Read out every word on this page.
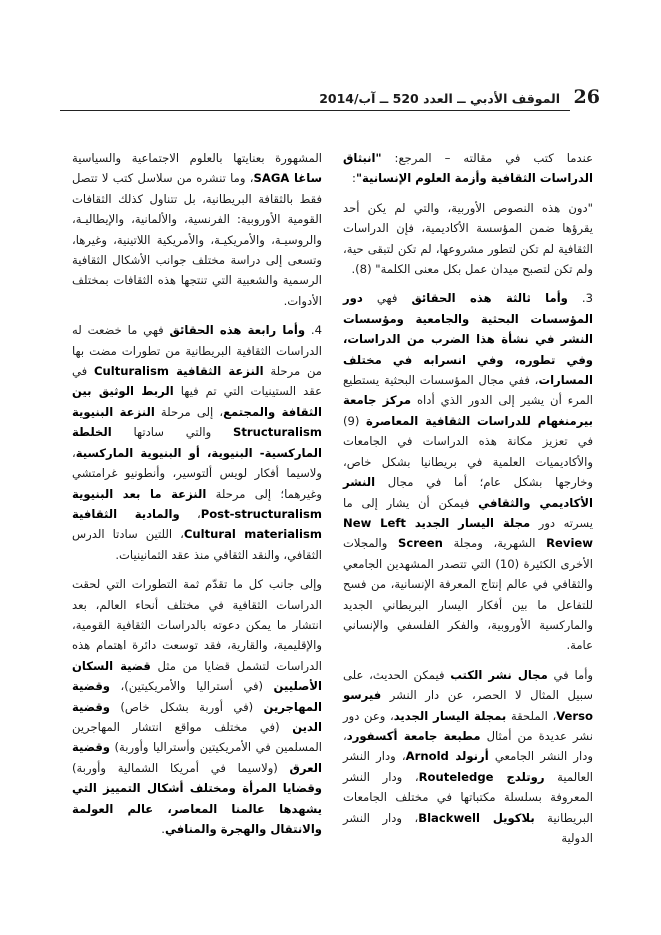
26
الموقف الأدبي ــ العدد 520 ــ آب/2014

عندما كتب في مقالته – المرجع: "انبثاق الدراسات الثقافية وأزمة العلوم الإنسانية":

"دون هذه النصوص الأوربية، والتي لم يكن أحد يقرؤها ضمن المؤسسة الأكاديمية، فإن الدراسات الثقافية لم تكن لتطور مشروعها، لم تكن لتبقى حية، ولم تكن لتصبح ميدان عمل بكل معنى الكلمة" (8).

3. وأما ثالثة هذه الحقائق فهي دور المؤسسات البحثية والجامعية ومؤسسات النشر في نشأة هذا الضرب من الدراسات، وفي تطوره، وفي انسرابه في مختلف المسارات، ففي مجال المؤسسات البحثية يستطيع المرء أن يشير إلى الدور الذي أداه مركز جامعة بيرمنغهام للدراسات الثقافية المعاصرة (9) في تعزيز مكانة هذه الدراسات في الجامعات والأكاديميات العلمية في بريطانيا بشكل خاص، وخارجها بشكل عام؛ أما في مجال النشر الأكاديمي والثقافي فيمكن أن يشار إلى ما يسرته دور مجلة اليسار الجديد New Left Review الشهرية، ومجلة Screen والمجلات الأخرى الكثيرة (10) التي تتصدر المشهدين الجامعي والثقافي في عالم إنتاج المعرفة الإنسانية، من فسح للتفاعل ما بين أفكار اليسار البريطاني الجديد والماركسية الأوروبية، والفكر الفلسفي والإنساني عامة.

وأما في مجال نشر الكتب فيمكن الحديث، على سبيل المثال لا الحصر، عن دار النشر فيرسو Verso، الملحقة بمجلة اليسار الجديد، وعن دور نشر عديدة من أمثال مطبعة جامعة أكسفورد، ودار النشر الجامعي أرنولد Arnold، ودار النشر العالمية روتلدج Routeledge، ودار النشر المعروفة بسلسلة مكتباتها في مختلف الجامعات البريطانية بلاكويل Blackwell، ودار النشر الدولية

المشهورة بعنايتها بالعلوم الاجتماعية والسياسية ساغا SAGA، وما تنشره من سلاسل كتب لا تتصل فقط بالثقافة البريطانية، بل تتناول كذلك الثقافات القومية الأوروبية: الفرنسية، والألمانية، والإيطاليـة، والروسيـة، والأمريكيـة، والأمريكية اللاتينية، وغيرها، وتسعى إلى دراسة مختلف جوانب الأشكال الثقافية الرسمية والشعبية التي تنتجها هذه الثقافات بمختلف الأدوات.

4. وأما رابعة هذه الحقائق فهي ما خضعت له الدراسات الثقافية البريطانية من تطورات مضت بها من مرحلة النزعة الثقافية Culturalism في عقد الستينيات التي تم فيها الربط الوثيق بين الثقافة والمجتمع، إلى مرحلة النزعة البنيوية Structuralism والتي سادتها الخلطة الماركسية- البنيوية، أو البنيوية الماركسية، ولاسيما أفكار لويس ألتوسير، وأنطونيو غرامتشي وغيرهما؛ إلى مرحلة النزعة ما بعد البنيوية Post-structuralism، والمادية الثقافية Cultural materialism، اللتين سادتا الدرس الثقافي، والنقد الثقافي منذ عقد الثمانينيات.

وإلى جانب كل ما تقدّم ثمة التطورات التي لحقت الدراسات الثقافية في مختلف أنحاء العالم، بعد انتشار ما يمكن دعوته بالدراسات الثقافية القومية، والإقليمية، والقارية، فقد توسعت دائرة اهتمام هذه الدراسات لتشمل قضايا من مثل قضية السكان الأصليين (في أستراليا والأمريكيتين)، وقضية المهاجرين (في أوربة بشكل خاص) وقضية الدين (في مختلف مواقع انتشار المهاجرين المسلمين في الأمريكيتين وأستراليا وأوربة) وقضية العرق (ولاسيما في أمريكا الشمالية وأوربة) وقضايا المرأة ومختلف أشكال التمييز التي يشهدها عالمنا المعاصر، عالم العولمة والانتقال والهجرة والمنافي.
